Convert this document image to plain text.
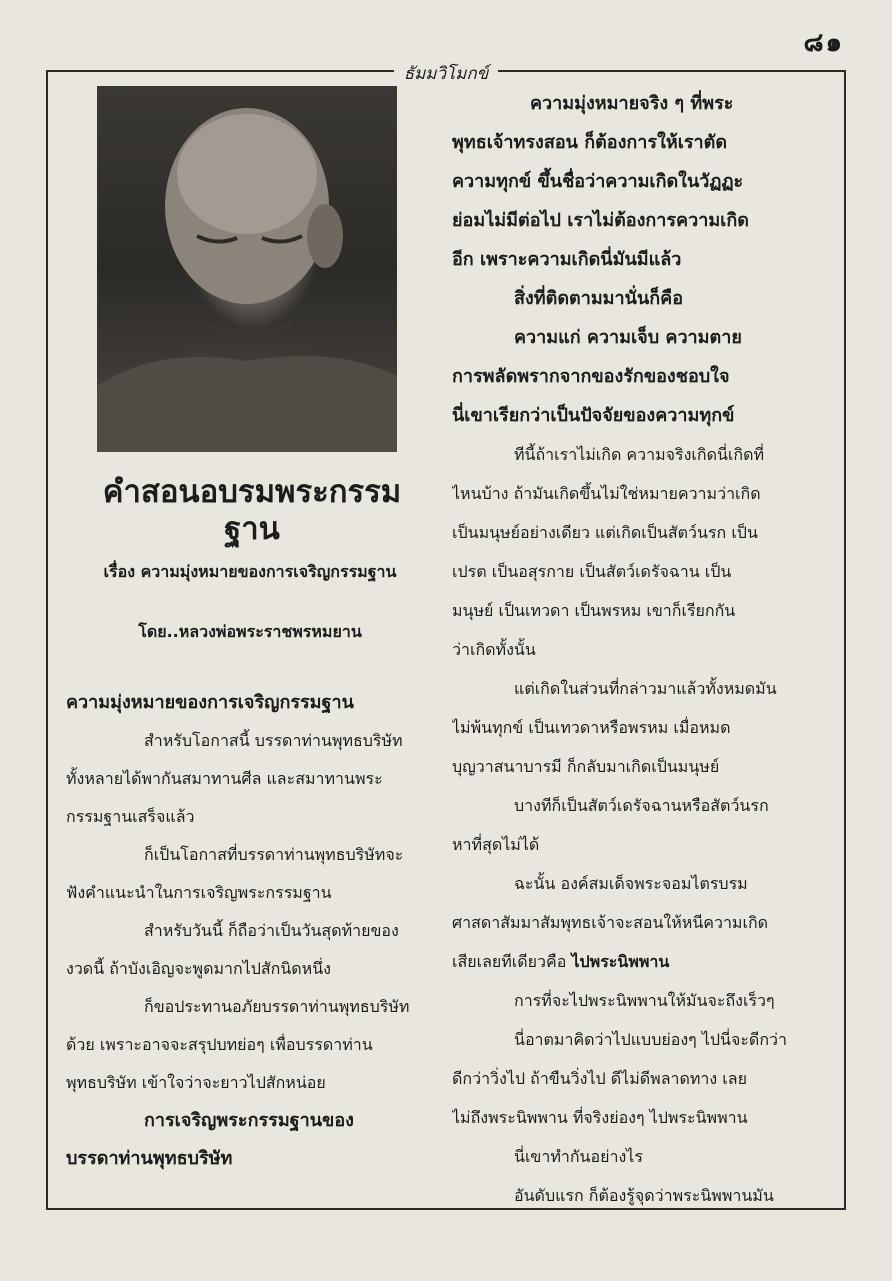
๘๑
ธัมมวิโมกข์
คำสอนอบรมพระกรรมฐาน
เรื่อง ความมุ่งหมายของการเจริญกรรมฐาน
โดย..หลวงพ่อพระราชพรหมยาน
ความมุ่งหมายของการเจริญกรรมฐาน
สำหรับโอกาสนี้ บรรดาท่านพุทธบริษัท
ทั้งหลายได้พากันสมาทานศีล และสมาทานพระ
กรรมฐานเสร็จแล้ว
ก็เป็นโอกาสที่บรรดาท่านพุทธบริษัทจะ
ฟังคำแนะนำในการเจริญพระกรรมฐาน
สำหรับวันนี้ ก็ถือว่าเป็นวันสุดท้ายของ
งวดนี้ ถ้าบังเอิญจะพูดมากไปสักนิดหนึ่ง
ก็ขอประทานอภัยบรรดาท่านพุทธบริษัท
ด้วย เพราะอาจจะสรุปบทย่อๆ เพื่อบรรดาท่าน
พุทธบริษัท เข้าใจว่าจะยาวไปสักหน่อย
การเจริญพระกรรมฐานของ
บรรดาท่านพุทธบริษัท
ความมุ่งหมายจริง ๆ ที่พระ
พุทธเจ้าทรงสอน ก็ต้องการให้เราตัด
ความทุกข์ ขึ้นชื่อว่าความเกิดในวัฏฏะ
ย่อมไม่มีต่อไป เราไม่ต้องการความเกิด
อีก เพราะความเกิดนี่มันมีแล้ว
สิ่งที่ติดตามมานั่นก็คือ
ความแก่ ความเจ็บ ความตาย
การพลัดพรากจากของรักของชอบใจ
นี่เขาเรียกว่าเป็นปัจจัยของความทุกข์
ทีนี้ถ้าเราไม่เกิด ความจริงเกิดนี่เกิดที่
ไหนบ้าง ถ้ามันเกิดขึ้นไม่ใช่หมายความว่าเกิด
เป็นมนุษย์อย่างเดียว แต่เกิดเป็นสัตว์นรก เป็น
เปรต เป็นอสุรกาย เป็นสัตว์เดรัจฉาน เป็น
มนุษย์ เป็นเทวดา เป็นพรหม เขาก็เรียกกัน
ว่าเกิดทั้งนั้น
แต่เกิดในส่วนที่กล่าวมาแล้วทั้งหมดมัน
ไม่พ้นทุกข์ เป็นเทวดาหรือพรหม เมื่อหมด
บุญวาสนาบารมี ก็กลับมาเกิดเป็นมนุษย์
บางทีก็เป็นสัตว์เดรัจฉานหรือสัตว์นรก
หาที่สุดไม่ได้
ฉะนั้น องค์สมเด็จพระจอมไตรบรม
ศาสดาสัมมาสัมพุทธเจ้าจะสอนให้หนีความเกิด
เสียเลยทีเดียวคือ ไปพระนิพพาน
การที่จะไปพระนิพพานให้มันจะถึงเร็วๆ
นี่อาตมาคิดว่าไปแบบย่องๆ ไปนี่จะดีกว่า
ดีกว่าวิ่งไป ถ้าขืนวิ่งไป ดีไม่ดีพลาดทาง เลย
ไม่ถึงพระนิพพาน ที่จริงย่องๆ ไปพระนิพพาน
นี่เขาทำกันอย่างไร
อันดับแรก ก็ต้องรู้จุดว่าพระนิพพานมัน
